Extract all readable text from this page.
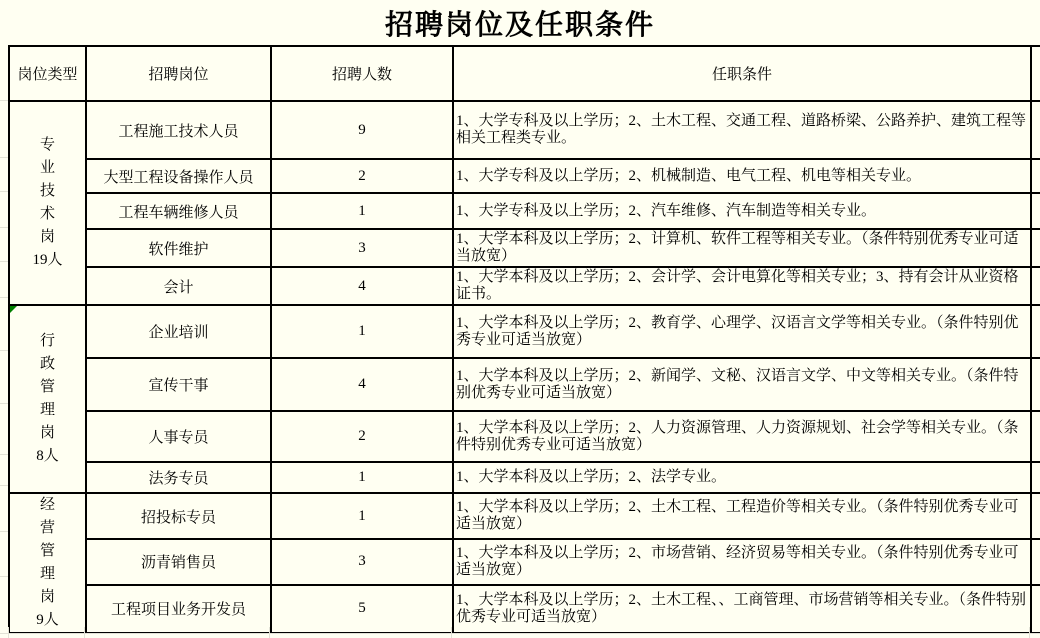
招聘岗位及任职条件
岗位类型	招聘岗位	招聘人数	任职条件	

专业技术岗
19人	工程施工技术人员	9	1、大学专科及以上学历；2、土木工程、交通工程、道路桥梁、公路养护、建筑工程等相关工程类专业。	
	大型工程设备操作人员	2	1、大学专科及以上学历；2、机械制造、电气工程、机电等相关专业。	
	工程车辆维修人员	1	1、大学专科及以上学历；2、汽车维修、汽车制造等相关专业。	
	软件维护	3	1、大学本科及以上学历；2、计算机、软件工程等相关专业。（条件特别优秀专业可适当放宽）	
	会计	4	1、大学本科及以上学历；2、会计学、会计电算化等相关专业；3、持有会计从业资格证书。	

行政管理岗
8人	企业培训	1	1、大学本科及以上学历；2、教育学、心理学、汉语言文学等相关专业。（条件特别优秀专业可适当放宽）	
	宣传干事	4	1、大学本科及以上学历；2、新闻学、文秘、汉语言文学、中文等相关专业。（条件特别优秀专业可适当放宽）	
	人事专员	2	1、大学本科及以上学历；2、人力资源管理、人力资源规划、社会学等相关专业。（条件特别优秀专业可适当放宽）	
	法务专员	1	1、大学本科及以上学历；2、法学专业。	

经营管理岗
9人	招投标专员	1	1、大学本科及以上学历；2、土木工程、工程造价等相关专业。（条件特别优秀专业可适当放宽）	
	沥青销售员	3	1、大学本科及以上学历；2、市场营销、经济贸易等相关专业。（条件特别优秀专业可适当放宽）	
	工程项目业务开发员	5	1、大学本科及以上学历；2、土木工程、、工商管理、市场营销等相关专业。（条件特别优秀专业可适当放宽）	
